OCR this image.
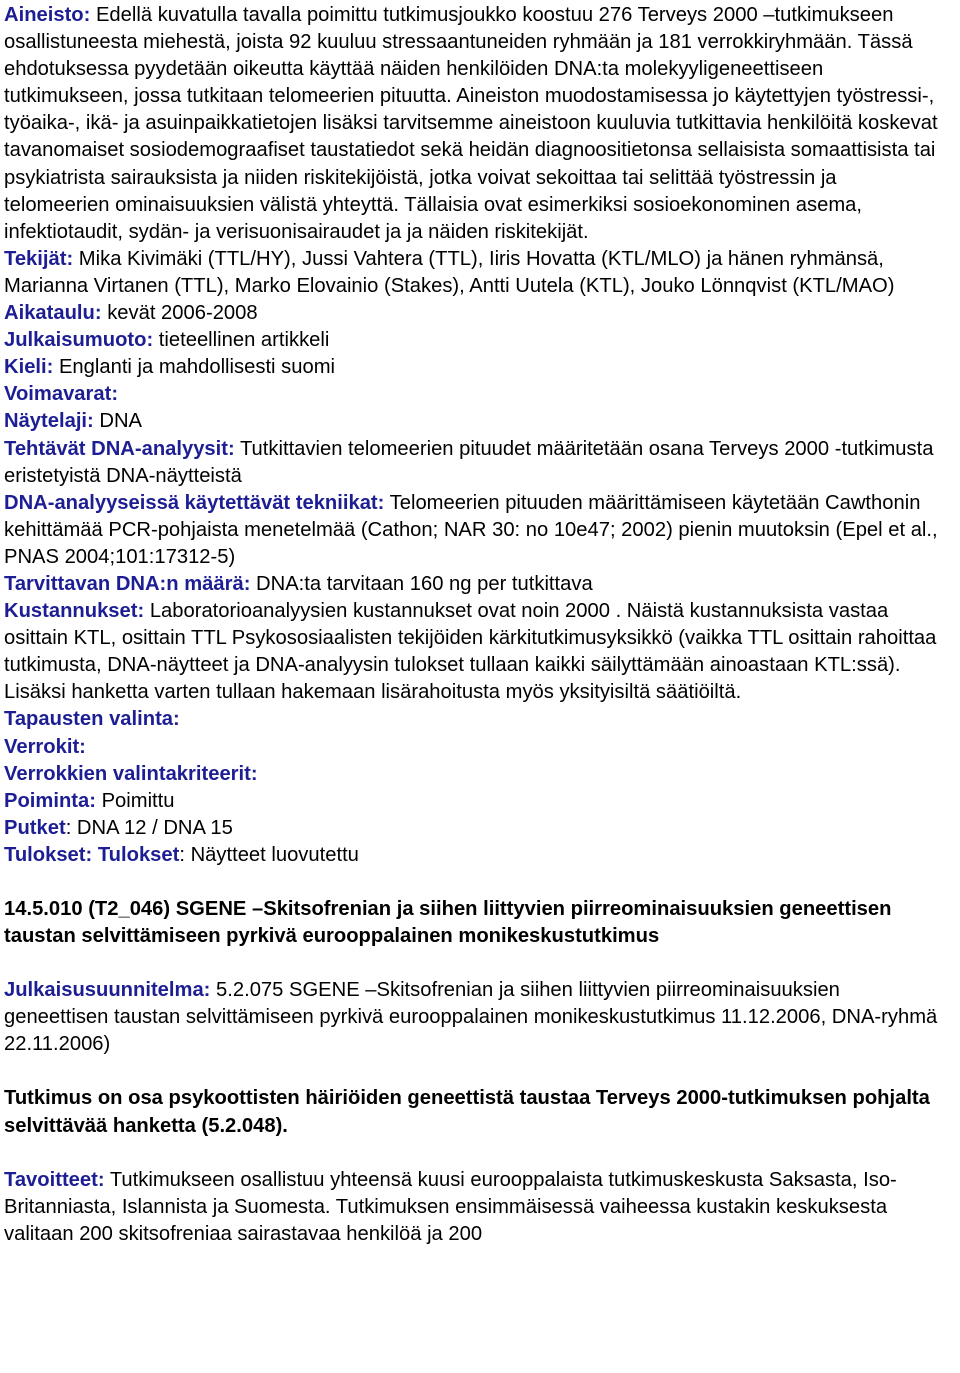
Aineisto: Edellä kuvatulla tavalla poimittu tutkimusjoukko koostuu 276 Terveys 2000 –tutkimukseen osallistuneesta miehestä, joista 92 kuuluu stressaantuneiden ryhmään ja 181 verrokkiryhmään. Tässä ehdotuksessa pyydetään oikeutta käyttää näiden henkilöiden DNA:ta molekyyligeneettiseen tutkimukseen, jossa tutkitaan telomeerien pituutta. Aineiston muodostamisessa jo käytettyjen työstressi-, työaika-, ikä- ja asuinpaikkatietojen lisäksi tarvitsemme aineistoon kuuluvia tutkittavia henkilöitä koskevat tavanomaiset sosiodemograafiset taustatiedot sekä heidän diagnoositietonsa sellaisista somaattisista tai psykiatrista sairauksista ja niiden riskitekijöistä, jotka voivat sekoittaa tai selittää työstressin ja telomeerien ominaisuuksien välistä yhteyttä. Tällaisia ovat esimerkiksi sosioekonominen asema, infektiotaudit, sydän- ja verisuonisairaudet ja ja näiden riskitekijät.
Tekijät: Mika Kivimäki (TTL/HY), Jussi Vahtera (TTL), Iiris Hovatta (KTL/MLO) ja hänen ryhmänsä, Marianna Virtanen (TTL), Marko Elovainio (Stakes), Antti Uutela (KTL), Jouko Lönnqvist (KTL/MAO)
Aikataulu: kevät 2006-2008
Julkaisumuoto: tieteellinen artikkeli
Kieli: Englanti ja mahdollisesti suomi
Voimavarat:
Näytelaji: DNA
Tehtävät DNA-analyysit: Tutkittavien telomeerien pituudet määritetään osana Terveys 2000 -tutkimusta eristetyistä DNA-näytteistä
DNA-analyyseissä käytettävät tekniikat: Telomeerien pituuden määrittämiseen käytetään Cawthonin kehittämää PCR-pohjaista menetelmää (Cathon; NAR 30: no 10e47; 2002) pienin muutoksin (Epel et al., PNAS 2004;101:17312-5)
Tarvittavan DNA:n määrä: DNA:ta tarvitaan 160 ng per tutkittava
Kustannukset: Laboratorioanalyysien kustannukset ovat noin 2000 . Näistä kustannuksista vastaa osittain KTL, osittain TTL Psykososiaalisten tekijöiden kärkitutkimusyksikkö (vaikka TTL osittain rahoittaa tutkimusta, DNA-näytteet ja DNA-analyysin tulokset tullaan kaikki säilyttämään ainoastaan KTL:ssä). Lisäksi hanketta varten tullaan hakemaan lisärahoitusta myös yksityisiltä säätiöiltä.
Tapausten valinta:
Verrokit:
Verrokkien valintakriteerit:
Poiminta: Poimittu
Putket: DNA 12 / DNA 15
Tulokset: Tulokset: Näytteet luovutettu
14.5.010 (T2_046) SGENE –Skitsofrenian ja siihen liittyvien piirreominaisuuksien geneettisen taustan selvittämiseen pyrkivä eurooppalainen monikeskustutkimus
Julkaisusuunnitelma: 5.2.075 SGENE –Skitsofrenian ja siihen liittyvien piirreominaisuuksien geneettisen taustan selvittämiseen pyrkivä eurooppalainen monikeskustutkimus 11.12.2006, DNA-ryhmä 22.11.2006)
Tutkimus on osa psykoottisten häiriöiden geneettistä taustaa Terveys 2000-tutkimuksen pohjalta selvittävää hanketta (5.2.048).
Tavoitteet: Tutkimukseen osallistuu yhteensä kuusi eurooppalaista tutkimuskeskusta Saksasta, Iso-Britanniasta, Islannista ja Suomesta. Tutkimuksen ensimmäisessä vaiheessa kustakin keskuksesta valitaan 200 skitsofreniaa sairastavaa henkilöä ja 200
